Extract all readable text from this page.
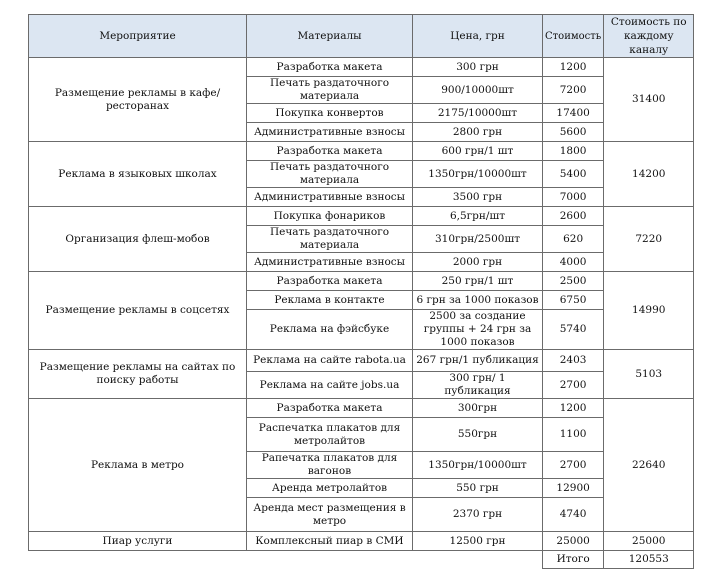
Мероприятие	Материалы	Цена, грн	Стоимость	Стоимость по каждому каналу
Размещение рекламы в кафе/ресторанах	Разработка макета	300 грн	1200	31400
	Печать раздаточного материала	900/10000шт	7200	
	Покупка конвертов	2175/10000шт	17400	
	Административные взносы	2800 грн	5600	
Реклама в языковых школах	Разработка макета	600 грн/1 шт	1800	14200
	Печать раздаточного материала	1350грн/10000шт	5400	
	Административные взносы	3500 грн	7000	
Организация флеш-мобов	Покупка фонариков	6,5грн/шт	2600	7220
	Печать раздаточного материала	310грн/2500шт	620	
	Административные взносы	2000 грн	4000	
Размещение рекламы в соцсетях	Разработка макета	250 грн/1 шт	2500	14990
	Реклама в контакте	6 грн за 1000 показов	6750	
	Реклама на фэйсбуке	2500 за создание группы + 24 грн за 1000 показов	5740	
Размещение рекламы на сайтах по поиску работы	Реклама на сайте rabota.ua	267 грн/1 публикация	2403	5103
	Реклама на сайте jobs.ua	300 грн/ 1 публикация	2700	
Реклама в метро	Разработка макета	300грн	1200	22640
	Распечатка плакатов для метролайтов	550грн	1100	
	Рапечатка плакатов для вагонов	1350грн/10000шт	2700	
	Аренда метролайтов	550 грн	12900	
	Аренда мест размещения в метро	2370 грн	4740	
Пиар услуги	Комплексный пиар в СМИ	12500 грн	25000	25000
			Итого	120553
